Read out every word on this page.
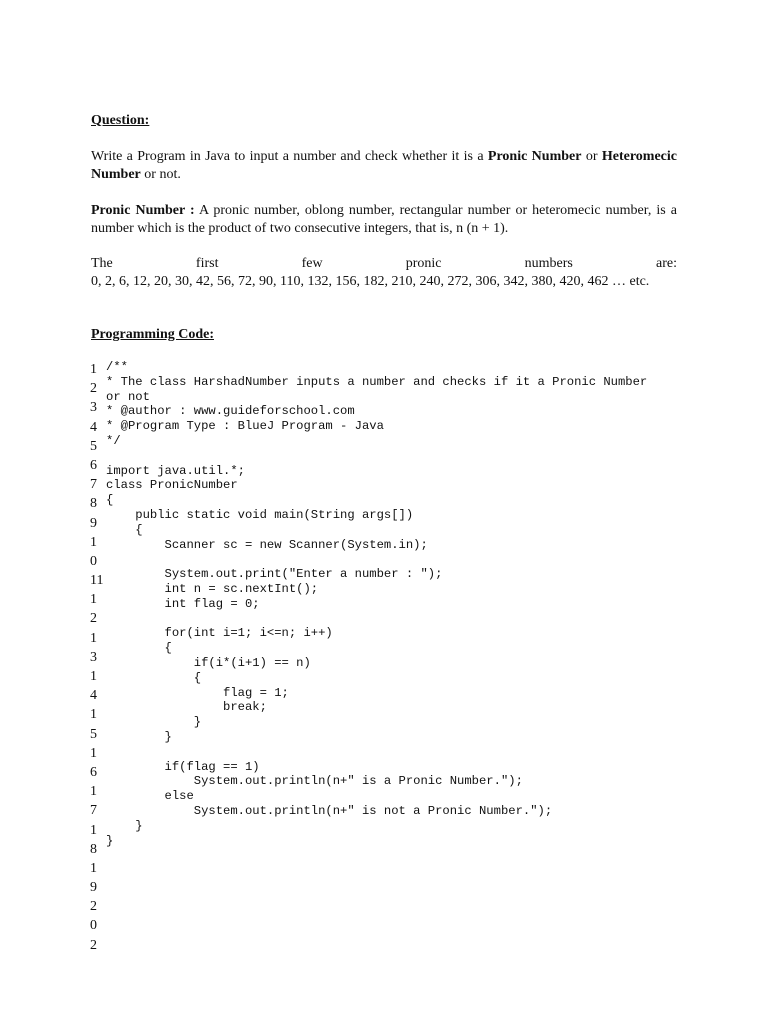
Question:

Write a Program in Java to input a number and check whether it is a Pronic Number or Heteromecic Number or not.

Pronic Number : A pronic number, oblong number, rectangular number or heteromecic number, is a number which is the product of two consecutive integers, that is, n (n + 1).

The	first	few	pronic	numbers	are:

0, 2, 6, 12, 20, 30, 42, 56, 72, 90, 110, 132, 156, 182, 210, 240, 272, 306, 342, 380, 420, 462 … etc.

Programming Code:
1
2
3
4
5
6
7
8
9
1
0
11
1
2
1
3
1
4
1
5
1
6
1
7
1
8
1
9
2
0
2
/**
* The class HarshadNumber inputs a number and checks if it a Pronic Number
or not
* @author : www.guideforschool.com
* @Program Type : BlueJ Program - Java
*/
import java.util.*;
class PronicNumber
{
public static void main(String args[])
{
Scanner sc = new Scanner(System.in);
System.out.print("Enter a number : ");
int n = sc.nextInt();
int flag = 0;
for(int i=1; i<=n; i++)
{
if(i*(i+1) == n)
{
flag = 1;
break;
}
}
if(flag == 1)
System.out.println(n+" is a Pronic Number.");
else
System.out.println(n+" is not a Pronic Number.");
}
}
